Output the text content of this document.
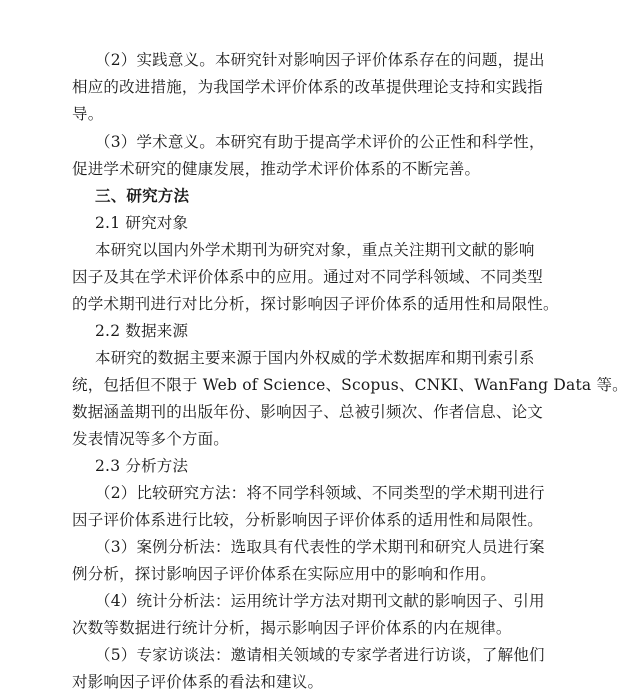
（2）实践意义。本研究针对影响因子评价体系存在的问题，提出
相应的改进措施，为我国学术评价体系的改革提供理论支持和实践指
导。
（3）学术意义。本研究有助于提高学术评价的公正性和科学性，
促进学术研究的健康发展，推动学术评价体系的不断完善。
三、研究方法
2.1 研究对象
本研究以国内外学术期刊为研究对象，重点关注期刊文献的影响
因子及其在学术评价体系中的应用。通过对不同学科领域、不同类型
的学术期刊进行对比分析，探讨影响因子评价体系的适用性和局限性。
2.2 数据来源
本研究的数据主要来源于国内外权威的学术数据库和期刊索引系
统，包括但不限于 Web of Science、Scopus、CNKI、WanFang Data 等。
数据涵盖期刊的出版年份、影响因子、总被引频次、作者信息、论文
发表情况等多个方面。
2.3 分析方法
（2）比较研究方法：将不同学科领域、不同类型的学术期刊进行
因子评价体系进行比较，分析影响因子评价体系的适用性和局限性。
（3）案例分析法：选取具有代表性的学术期刊和研究人员进行案
例分析，探讨影响因子评价体系在实际应用中的影响和作用。
（4）统计分析法：运用统计学方法对期刊文献的影响因子、引用
次数等数据进行统计分析，揭示影响因子评价体系的内在规律。
（5）专家访谈法：邀请相关领域的专家学者进行访谈，了解他们
对影响因子评价体系的看法和建议。
